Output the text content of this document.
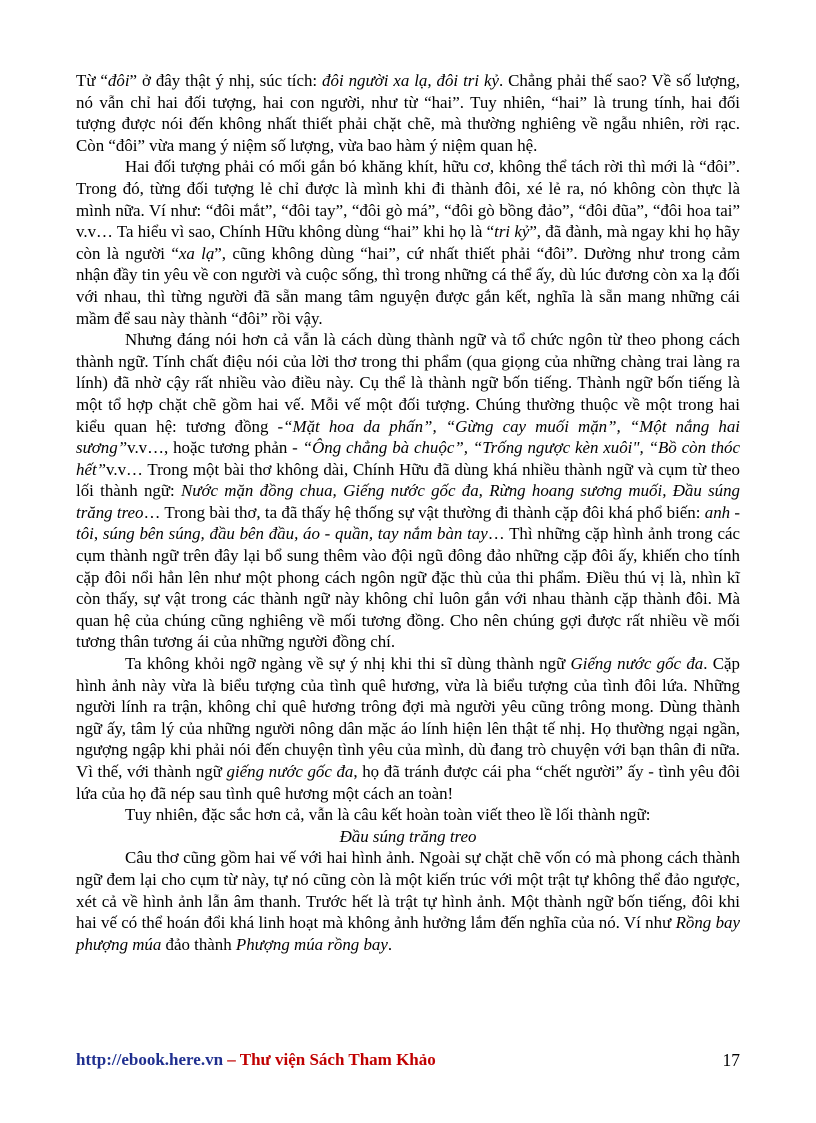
Từ “đôi” ở đây thật ý nhị, súc tích: đôi người xa lạ, đôi tri kỷ. Chẳng phải thế sao? Về số lượng, nó vẫn chỉ hai đối tượng, hai con người, như từ “hai”. Tuy nhiên, “hai” là trung tính, hai đối tượng được nói đến không nhất thiết phải chặt chẽ, mà thường nghiêng về ngẫu nhiên, rời rạc. Còn “đôi” vừa mang ý niệm số lượng, vừa bao hàm ý niệm quan hệ.

Hai đối tượng phải có mối gắn bó khăng khít, hữu cơ, không thể tách rời thì mới là “đôi”. Trong đó, từng đối tượng lẻ chỉ được là mình khi đi thành đôi, xé lẻ ra, nó không còn thực là mình nữa. Ví như: “đôi mắt”, “đôi tay”, “đôi gò má”, “đôi gò bồng đảo”, “đôi đũa”, “đôi hoa tai” v.v… Ta hiểu vì sao, Chính Hữu không dùng “hai” khi họ là “tri kỷ”, đã đành, mà ngay khi họ hãy còn là người “xa lạ”, cũng không dùng “hai”, cứ nhất thiết phải “đôi”. Dường như trong cảm nhận đầy tin yêu về con người và cuộc sống, thì trong những cá thể ấy, dù lúc đương còn xa lạ đối với nhau, thì từng người đã sẵn mang tâm nguyện được gắn kết, nghĩa là sẵn mang những cái mầm để sau này thành “đôi” rồi vậy.

Nhưng đáng nói hơn cả vẫn là cách dùng thành ngữ và tổ chức ngôn từ theo phong cách thành ngữ. Tính chất điệu nói của lời thơ trong thi phẩm (qua giọng của những chàng trai làng ra lính) đã nhờ cậy rất nhiều vào điều này. Cụ thể là thành ngữ bốn tiếng. Thành ngữ bốn tiếng là một tổ hợp chặt chẽ gồm hai vế. Mỗi vế một đối tượng. Chúng thường thuộc về một trong hai kiểu quan hệ: tương đồng -“Mặt hoa da phấn”, “Gừng cay muối mặn”, “Một nắng hai sương”v.v…, hoặc tương phản - “Ông chẳng bà chuộc”, “Trống ngược kèn xuôi", “Bồ còn thóc hết”v.v… Trong một bài thơ không dài, Chính Hữu đã dùng khá nhiều thành ngữ và cụm từ theo lối thành ngữ: Nước mặn đồng chua, Giếng nước gốc đa, Rừng hoang sương muối, Đầu súng trăng treo… Trong bài thơ, ta đã thấy hệ thống sự vật thường đi thành cặp đôi khá phổ biến: anh - tôi, súng bên súng, đầu bên đầu, áo - quần, tay nắm bàn tay… Thì những cặp hình ảnh trong các cụm thành ngữ trên đây lại bổ sung thêm vào đội ngũ đông đảo những cặp đôi ấy, khiến cho tính cặp đôi nổi hẳn lên như một phong cách ngôn ngữ đặc thù của thi phẩm. Điều thú vị là, nhìn kĩ còn thấy, sự vật trong các thành ngữ này không chỉ luôn gắn với nhau thành cặp thành đôi. Mà quan hệ của chúng cũng nghiêng về mối tương đồng. Cho nên chúng gợi được rất nhiều về mối tương thân tương ái của những người đồng chí.

Ta không khỏi ngỡ ngàng về sự ý nhị khi thi sĩ dùng thành ngữ Giếng nước gốc đa. Cặp hình ảnh này vừa là biểu tượng của tình quê hương, vừa là biểu tượng của tình đôi lứa. Những người lính ra trận, không chỉ quê hương trông đợi mà người yêu cũng trông mong. Dùng thành ngữ ấy, tâm lý của những người nông dân mặc áo lính hiện lên thật tế nhị. Họ thường ngại ngần, ngượng ngập khi phải nói đến chuyện tình yêu của mình, dù đang trò chuyện với bạn thân đi nữa. Vì thế, với thành ngữ giếng nước gốc đa, họ đã tránh được cái pha “chết người” ấy - tình yêu đôi lứa của họ đã nép sau tình quê hương một cách an toàn!

Tuy nhiên, đặc sắc hơn cả, vẫn là câu kết hoàn toàn viết theo lề lối thành ngữ:

Đầu súng trăng treo

Câu thơ cũng gồm hai vế với hai hình ảnh. Ngoài sự chặt chẽ vốn có mà phong cách thành ngữ đem lại cho cụm từ này, tự nó cũng còn là một kiến trúc với một trật tự không thể đảo ngược, xét cả về hình ảnh lẫn âm thanh. Trước hết là trật tự hình ảnh. Một thành ngữ bốn tiếng, đôi khi hai vế có thể hoán đổi khá linh hoạt mà không ảnh hưởng lắm đến nghĩa của nó. Ví như Rồng bay phượng múa đảo thành Phượng múa rồng bay.

http://ebook.here.vn – Thư viện Sách Tham Khảo	17
